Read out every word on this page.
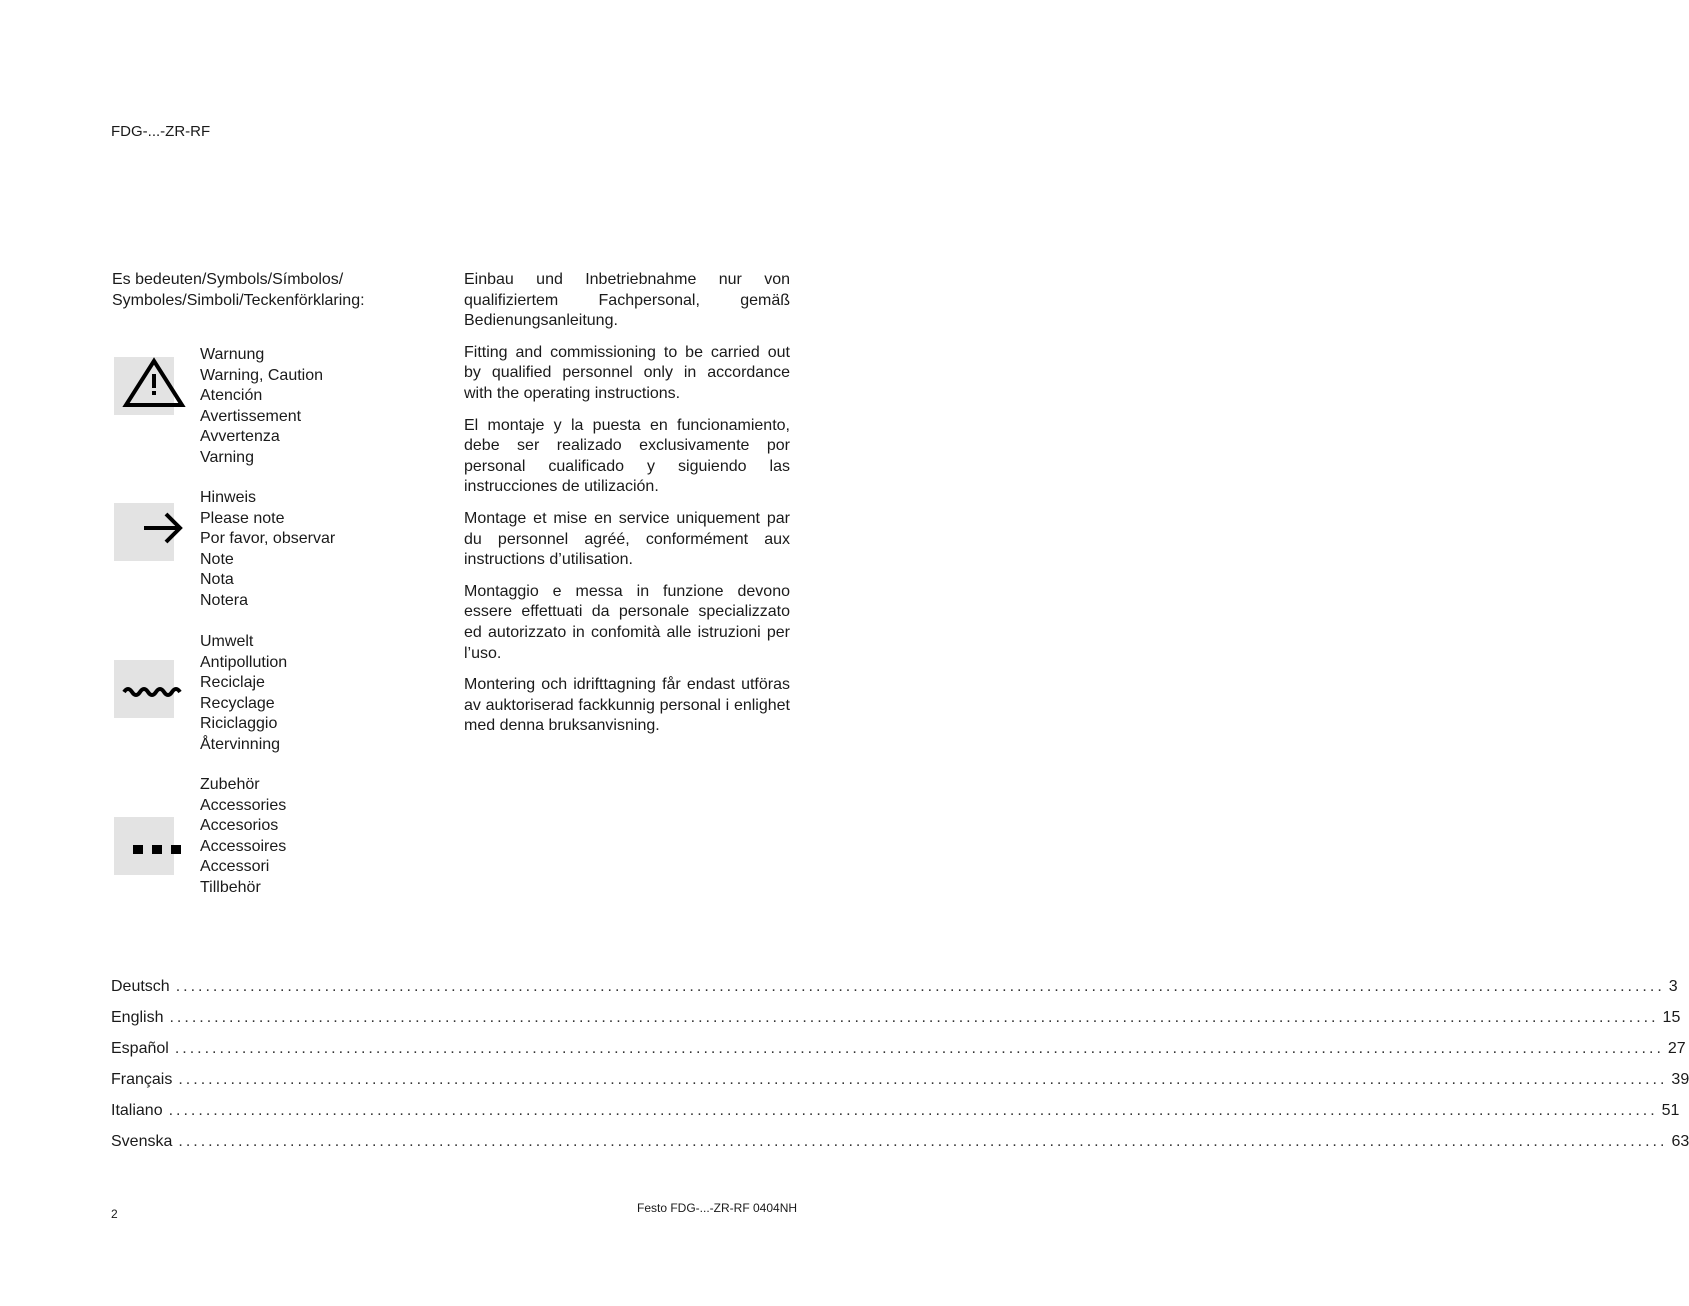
FDG-...-ZR-RF
Es bedeuten/Symbols/Símbolos/
Symboles/Simboli/Teckenförklaring:
Warnung
Warning, Caution
Atención
Avertissement
Avvertenza
Varning
Hinweis
Please note
Por favor, observar
Note
Nota
Notera
Umwelt
Antipollution
Reciclaje
Recyclage
Riciclaggio
Återvinning
Zubehör
Accessories
Accesorios
Accessoires
Accessori
Tillbehör

Einbau und Inbetriebnahme nur von qualifiziertem Fachpersonal, gemäß Bedienungsanleitung.

Fitting and commissioning to be carried out by qualified personnel only in accordance with the operating instructions.

El montaje y la puesta en funcionamiento, debe ser realizado exclusivamente por personal cualificado y siguiendo las instrucciones de utilización.

Montage et mise en service uniquement par du personnel agréé, conformément aux instructions d’utilisation.

Montaggio e messa in funzione devono essere effettuati da personale specializzato ed autorizzato in confomità alle istruzioni per l’uso.

Montering och idrifttagning får endast utföras av auktoriserad fackkunnig personal i enlighet med denna bruksanvisning.

Deutsch ........................................................................................................................................................................................................ 3
English ........................................................................................................................................................................................................ 15
Español ........................................................................................................................................................................................................ 27
Français ........................................................................................................................................................................................................ 39
Italiano ........................................................................................................................................................................................................ 51
Svenska ........................................................................................................................................................................................................ 63
2	Festo FDG-...-ZR-RF 0404NH
